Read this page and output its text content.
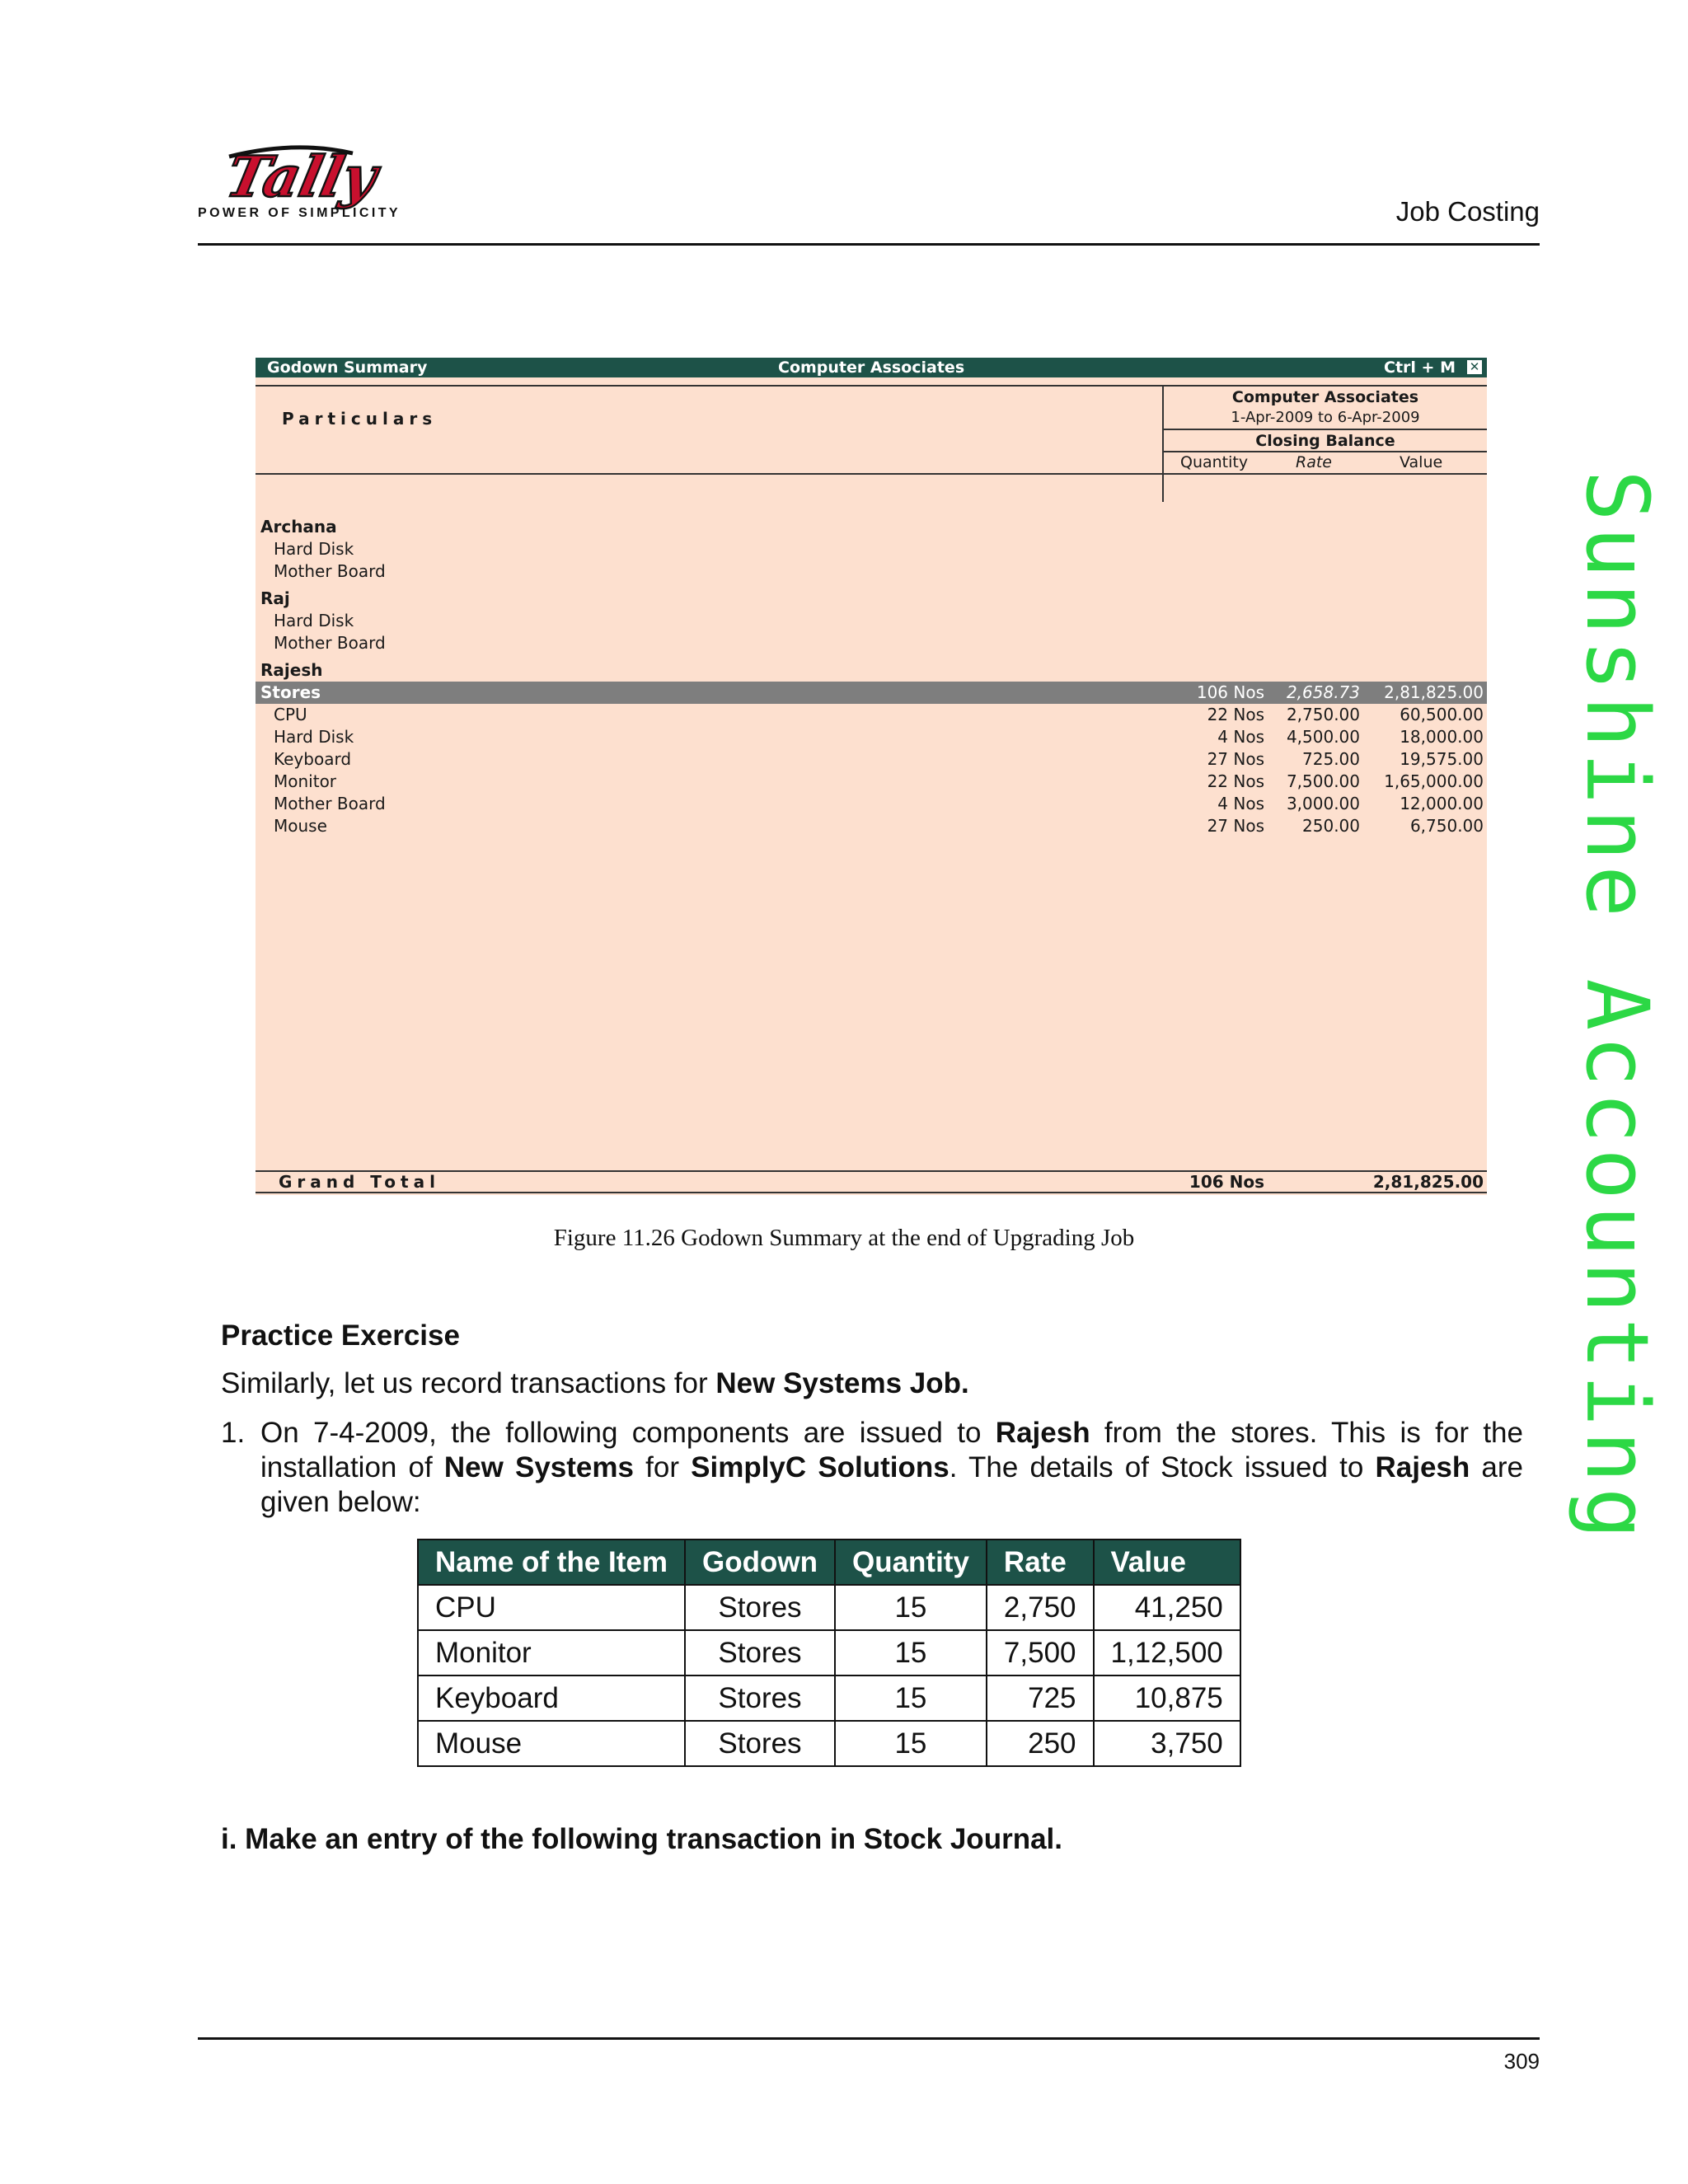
Tally
POWER OF SIMPLICITY	Job Costing
Sunshine Accounting
Godown Summary	Computer Associates	Ctrl + M ✕
Particulars
Computer Associates
1-Apr-2009 to 6-Apr-2009
Closing Balance
Quantity	Rate	Value
Archana
Hard Disk
Mother Board
Raj
Hard Disk
Mother Board
Rajesh
Stores	106 Nos 2,658.73 2,81,825.00
CPU	22 Nos 2,750.00 60,500.00
Hard Disk	4 Nos 4,500.00 18,000.00
Keyboard	27 Nos 725.00 19,575.00
Monitor	22 Nos 7,500.00 1,65,000.00
Mother Board	4 Nos 3,000.00 12,000.00
Mouse	27 Nos 250.00	6,750.00
Grand Total	106 Nos	2,81,825.00
Figure 11.26 Godown Summary at the end of Upgrading Job
Practice Exercise
Similarly, let us record transactions for New Systems Job.
1. On 7-4-2009, the following components are issued to Rajesh from the stores. This is for the installation of New Systems for SimplyC Solutions. The details of Stock issued to Rajesh are given below:
Name of the Item	Godown	Quantity	Rate	Value
CPU	Stores	15	2,750	41,250
Monitor	Stores	15	7,500	1,12,500
Keyboard	Stores	15	725	10,875
Mouse	Stores	15	250	3,750
i. Make an entry of the following transaction in Stock Journal.
309
